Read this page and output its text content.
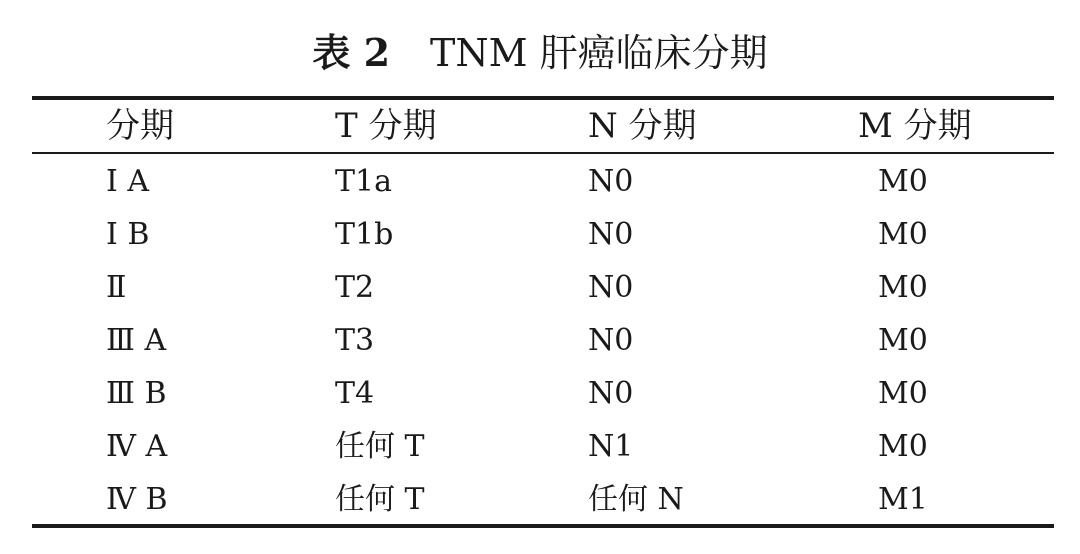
表 2 TNM 肝癌临床分期
分期	T 分期	N 分期	M 分期
Ⅰ A	T1a	N0	M0
Ⅰ B	T1b	N0	M0
Ⅱ	T2	N0	M0
Ⅲ A	T3	N0	M0
Ⅲ B	T4	N0	M0
Ⅳ A	任何 T	N1	M0
Ⅳ B	任何 T	任何 N	M1
